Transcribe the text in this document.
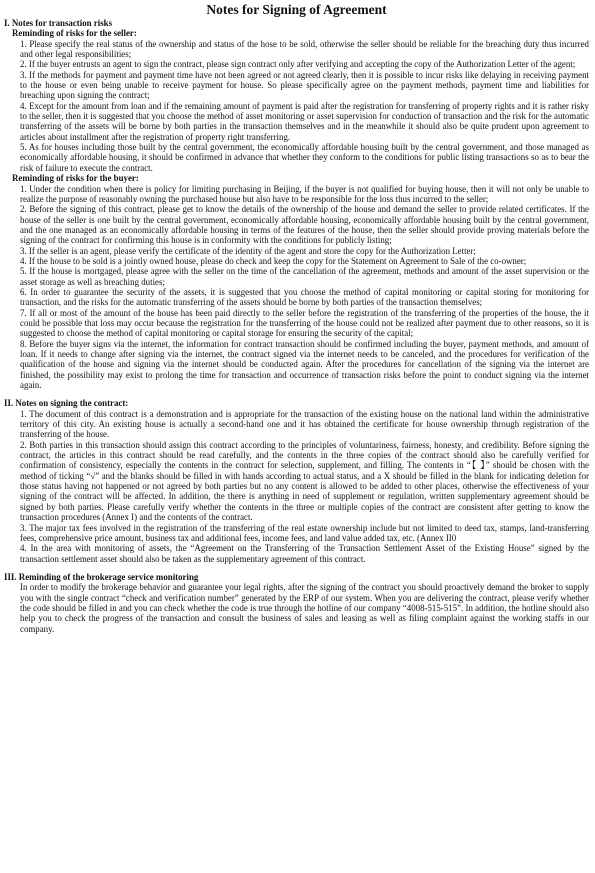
Notes for Signing of Agreement
I. Notes for transaction risks
Reminding of risks for the seller:
1. Please specify the real status of the ownership and status of the hose to be sold, otherwise the seller should be reliable for the breaching duty thus incurred and other legal responsibilities;
2. If the buyer entrusts an agent to sign the contract, please sign contract only after verifying and accepting the copy of the Authorization Letter of the agent;
3. If the methods for payment and payment time have not been agreed or not agreed clearly, then it is possible to incur risks like delaying in receiving payment to the house or even being unable to receive payment for house. So please specifically agree on the payment methods, payment time and liabilities for breaching upon signing the contract;
4. Except for the amount from loan and if the remaining amount of payment is paid after the registration for transferring of property rights and it is rather risky to the seller, then it is suggested that you choose the method of asset monitoring or asset supervision for conduction of transaction and the risk for the automatic transferring of the assets will be borne by both parties in the transaction themselves and in the meanwhile it should also be quite prudent upon agreement to articles about installment after the registration of property right transferring.
5. As for houses including those built by the central government, the economically affordable housing built by the central government, and those managed as economically affordable housing, it should be confirmed in advance that whether they conform to the conditions for public listing transactions so as to bear the risk of failure to execute the contract.
Reminding of risks for the buyer:
1. Under the condition when there is policy for limiting purchasing in Beijing, if the buyer is not qualified for buying house, then it will not only be unable to realize the purpose of reasonably owning the purchased house but also have to be responsible for the loss thus incurred to the seller;
2. Before the signing of this contract, please get to know the details of the ownership of the house and demand the seller to provide related certificates. If the house of the seller is one built by the central government, economically affordable housing, economically affordable housing built by the central government, and the one managed as an economically affordable housing in terms of the features of the house, then the seller should provide proving materials before the signing of the contract for confirming this house is in conformity with the conditions for publicly listing;
3. If the seller is an agent, please verify the certificate of the identity of the agent and store the copy for the Authorization Letter;
4. If the house to be sold is a jointly owned house, please do check and keep the copy for the Statement on Agreement to Sale of the co-owner;
5. If the house is mortgaged, please agree with the seller on the time of the cancellation of the agreement, methods and amount of the asset supervision or the asset storage as well as breaching duties;
6. In order to guarantee the security of the assets, it is suggested that you choose the method of capital monitoring or capital storing for monitoring for transaction, and the risks for the automatic transferring of the assets should be borne by both parties of the transaction themselves;
7. If all or most of the amount of the house has been paid directly to the seller before the registration of the transferring of the properties of the house, the it could be possible that loss may occur because the registration for the transferring of the house could not be realized after payment due to other reasons, so it is suggested to choose the method of capital monitoring or capital storage for ensuring the security of the capital;
8. Before the buyer signs via the internet, the information for contract transaction should be confirmed including the buyer, payment methods, and amount of loan. If it needs to change after signing via the internet, the contract signed via the internet needs to be canceled, and the procedures for verification of the qualification of the house and signing via the internet should be conducted again. After the procedures for cancellation of the signing via the internet are finished, the possibility may exist to prolong the time for transaction and occurrence of transaction risks before the point to conduct signing via the internet again.
II. Notes on signing the contract:
1. The document of this contract is a demonstration and is appropriate for the transaction of the existing house on the national land within the administrative territory of this city. An existing house is actually a second-hand one and it has obtained the certificate for house ownership through registration of the transferring of the house.
2. Both parties in this transaction should assign this contract according to the principles of voluntariness, fairness, honesty, and credibility. Before signing the contract, the articles in this contract should be read carefully, and the contents in the three copies of the contract should also be carefully verified for confirmation of consistency, especially the contents in the contract for selection, supplement, and filling. The contents in “【 】” should be chosen with the method of ticking “√” and the blanks should be filled in with hands according to actual status, and a X should be filled in the blank for indicating deletion for those status having not happened or not agreed by both parties but no any content is allowed to be added to other places, otherwise the effectiveness of your signing of the contract will be affected. In addition, the there is anything in need of supplement or regulation, written supplementary agreement should be signed by both parties. Please carefully verify whether the contents in the three or multiple copies of the contract are consistent after getting to know the transaction procedures (Annex I) and the contents of the contract.
3. The major tax fees involved in the registration of the transferring of the real estate ownership include but not limited to deed tax, stamps, land-transferring fees, comprehensive price amount, business tax and additional fees, income fees, and land value added tax, etc. (Annex II0
4. In the area with monitoring of assets, the “Agreement on the Transferring of the Transaction Settlement Asset of the Existing House” signed by the transaction settlement asset should also be taken as the supplementary agreement of this contract.
III. Reminding of the brokerage service monitoring
In order to modify the brokerage behavior and guarantee your legal rights, after the signing of the contract you should proactively demand the broker to supply you with the single contract “check and verification number” generated by the ERP of our system. When you are delivering the contract, please verify whether the code should be filled in and you can check whether the code is true through the hotline of our company “4008-515-515”. In addition, the hotline should also help you to check the progress of the transaction and consult the business of sales and leasing as well as filing complaint against the working staffs in our company.
